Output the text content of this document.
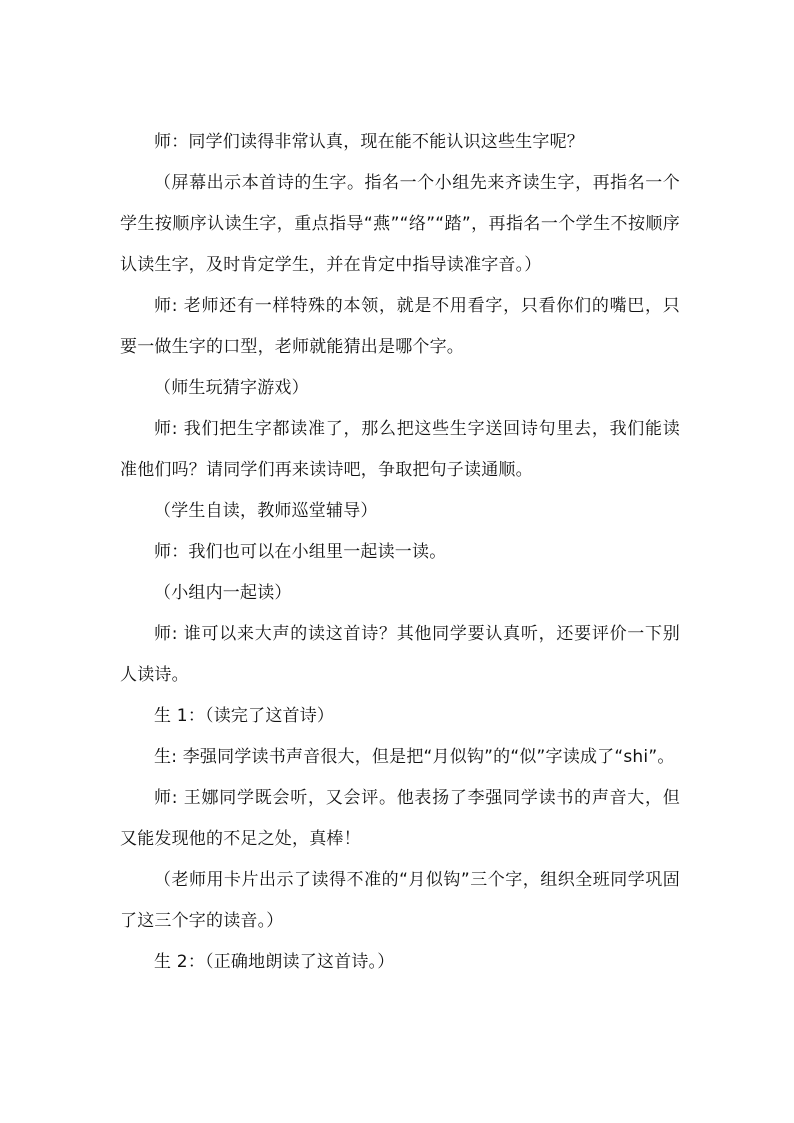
师：同学们读得非常认真，现在能不能认识这些生字呢？

（屏幕出示本首诗的生字。指名一个小组先来齐读生字，再指名一个学生按顺序认读生字，重点指导“燕”“络”“踏”，再指名一个学生不按顺序认读生字，及时肯定学生，并在肯定中指导读准字音。）

师: 老师还有一样特殊的本领，就是不用看字，只看你们的嘴巴，只要一做生字的口型，老师就能猜出是哪个字。

（师生玩猜字游戏）

师: 我们把生字都读准了，那么把这些生字送回诗句里去，我们能读准他们吗？请同学们再来读诗吧，争取把句子读通顺。

（学生自读，教师巡堂辅导）

师：我们也可以在小组里一起读一读。

（小组内一起读）

师: 谁可以来大声的读这首诗？其他同学要认真听，还要评价一下别人读诗。

生 1：（读完了这首诗）

生: 李强同学读书声音很大，但是把“月似钩”的“似”字读成了“shi”。

师: 王娜同学既会听，又会评。他表扬了李强同学读书的声音大，但又能发现他的不足之处，真棒！

（老师用卡片出示了读得不准的“月似钩”三个字，组织全班同学巩固了这三个字的读音。）

生 2：（正确地朗读了这首诗。）
